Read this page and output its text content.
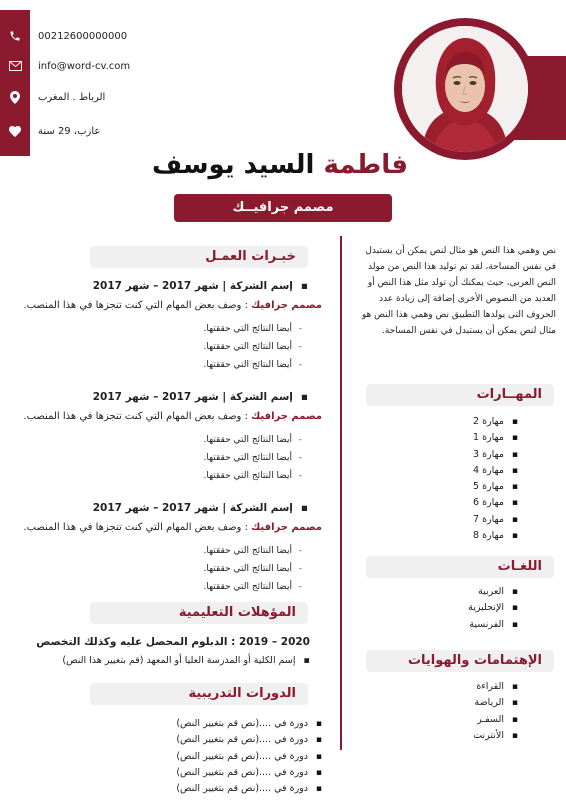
00212600000000
info@word-cv.com
الرباط . المغرب
عازب، 29 سنة
فاطمة السيد يوسف
مصمم جرافيــك
نص وهمي هذا النص هو مثال لنص يمكن أن يستبدل في نفس المساحة، لقد تم توليد هذا النص من مولد النص العربى، حيث يمكنك أن تولد مثل هذا النص أو العديد من النصوص الأخرى إضافة إلى زيادة عدد الحروف التى يولدها التطبيق نص وهمي هذا النص هو مثال لنص يمكن أن يستبدل في نفس المساحة.
المهــارات
▪ مهارة 2
▪ مهارة 1
▪ مهارة 3
▪ مهارة 4
▪ مهارة 5
▪ مهارة 6
▪ مهارة 7
▪ مهارة 8
اللغـات
▪ العربية
▪ الإنجليزية
▪ الفرنسية
الإهتمامات والهوايات
▪ القراءة
▪ الرياضة
▪ السفـر
▪ الأنترنت
خبـرات العمـل
▪ إسم الشركة | شهر 2017 – شهر 2017
مصمم جرافيك : وصف بعض المهام التي كنت تنجزها في هذا المنصب.
- أيضا النتائج التي حققتها.
- أيضا النتائج التي حققتها.
- أيضا النتائج التي حققتها.
▪ إسم الشركة | شهر 2017 – شهر 2017
مصمم جرافيك : وصف بعض المهام التي كنت تنجزها في هذا المنصب.
- أيضا النتائج التي حققتها.
- أيضا النتائج التي حققتها.
- أيضا النتائج التي حققتها.
▪ إسم الشركة | شهر 2017 – شهر 2017
مصمم جرافيك : وصف بعض المهام التي كنت تنجزها في هذا المنصب.
- أيضا النتائج التي حققتها.
- أيضا النتائج التي حققتها.
- أيضا النتائج التي حققتها.
المؤهلات التعليمية
2020 – 2019 : الدبلوم المحصل عليه وكذلك التخصص
▪ إسم الكلية أو المدرسة العليا أو المعهد (قم بتغيير هذا النص)
الدورات التدريبية
▪ دورة في ....(نص قم بتغيير النص)
▪ دورة في ....(نص قم بتغيير النص)
▪ دورة في ....(نص قم بتغيير النص)
▪ دورة في ....(نص قم بتغيير النص)
▪ دورة في ....(نص قم بتغيير النص)
